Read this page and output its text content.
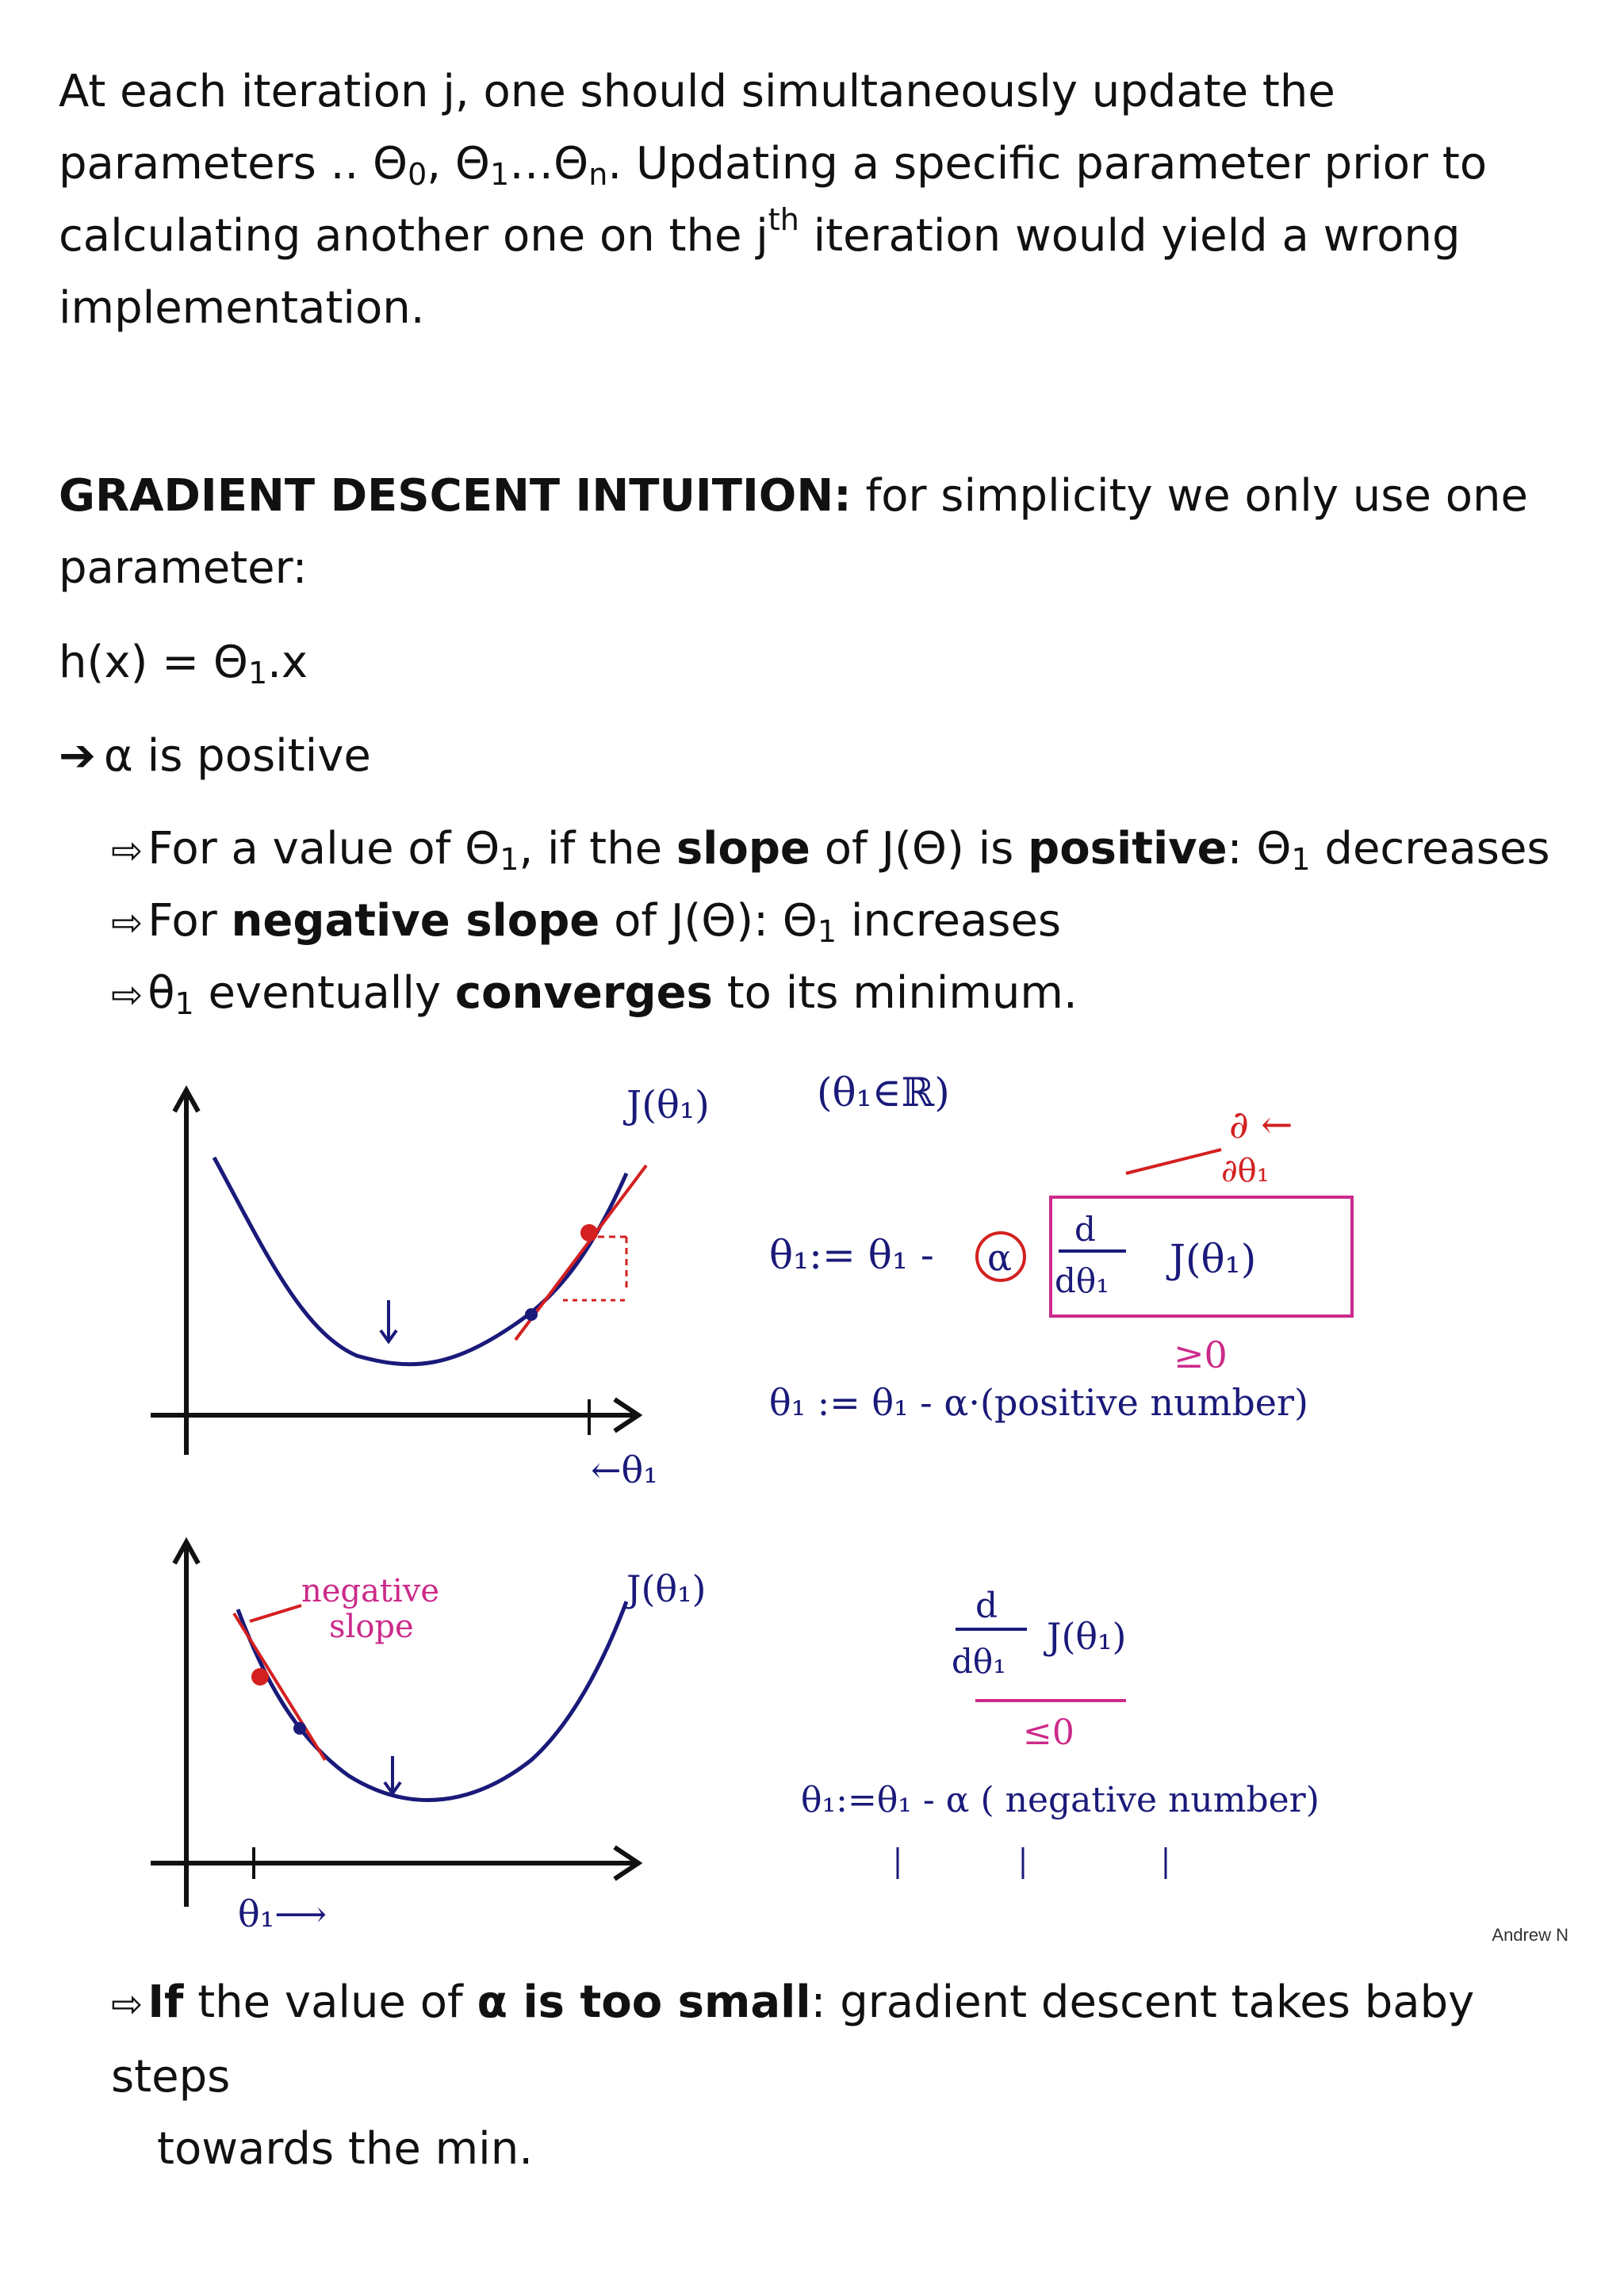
At each iteration j, one should simultaneously update the
parameters .. $\Theta_0$, $\Theta_1\dots\Theta_n$. Updating a specific parameter prior to
calculating another one on the $j^{th}$ iteration would yield a wrong
implementation.

GRADIENT DESCENT INTUITION: for simplicity we only use one
parameter:

$h(x) = \Theta_1.x$

➔ α is positive

⇨ For a value of $\Theta_1$, if the slope of J(Θ) is positive: $\Theta_1$ decreases

⇨ For negative slope of J(Θ): $\Theta_1$ increases

⇨ $\theta_1$ eventually converges to its minimum.

←θ₁
J(θ₁)	(θ₁∈ℝ)
∂ ←
∂θ₁
θ₁:= θ₁ - α
d
dθ₁ J(θ₁)
≥0
θ₁ := θ₁ - α·(positive number)
negative
slope
J(θ₁)
θ₁⟶
d
dθ₁
J(θ₁)
≤0
θ₁:=θ₁ - α ( negative number)
Andrew N

⇨ If the value of α is too small: gradient descent takes baby steps
towards the min.
